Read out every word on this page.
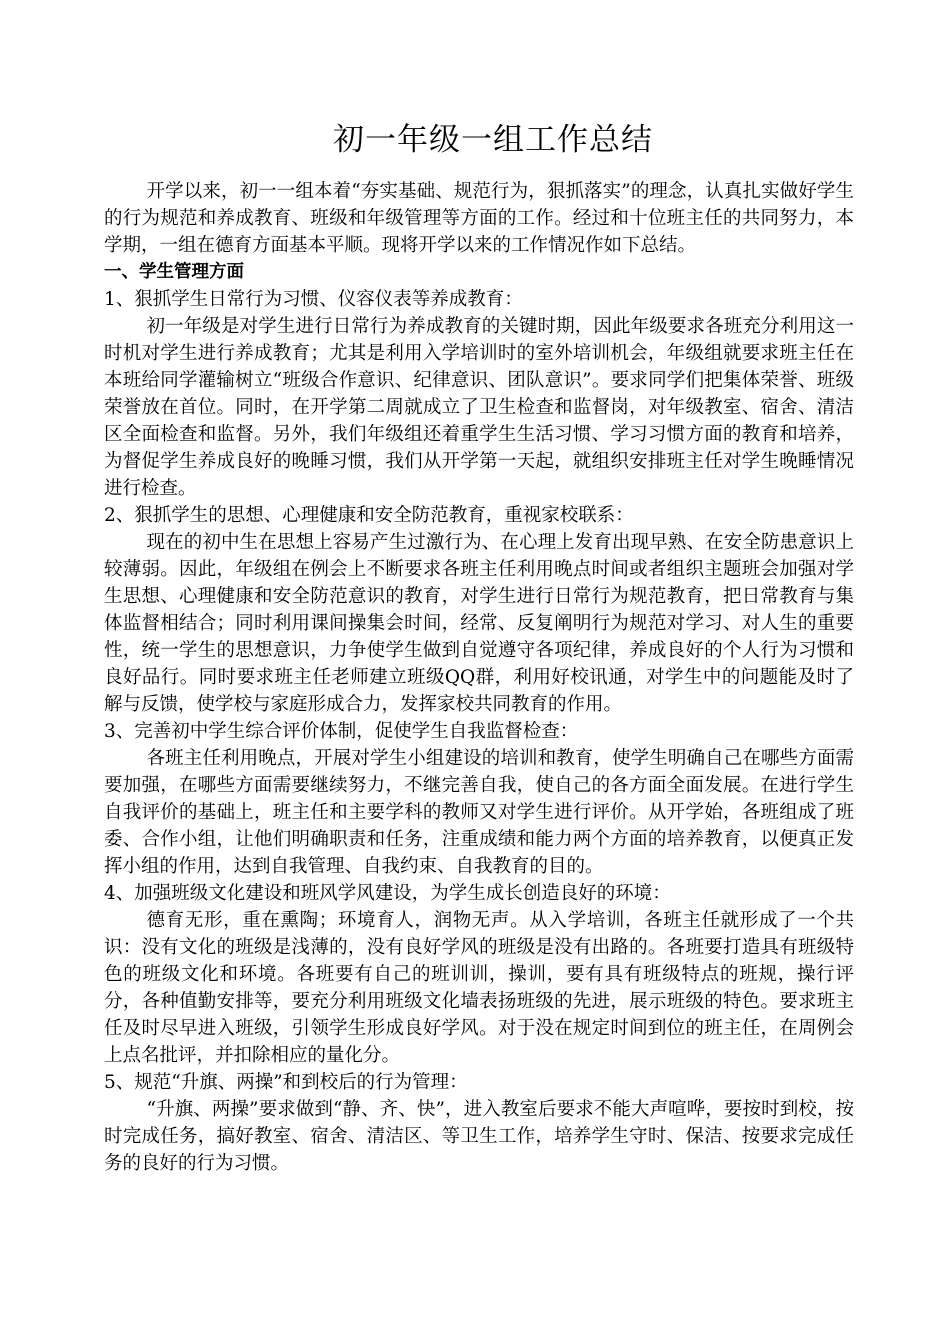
初一年级一组工作总结

开学以来，初一一组本着“夯实基础、规范行为，狠抓落实”的理念，认真扎实做好学生的行为规范和养成教育、班级和年级管理等方面的工作。经过和十位班主任的共同努力，本学期，一组在德育方面基本平顺。现将开学以来的工作情况作如下总结。

一、学生管理方面

1、狠抓学生日常行为习惯、仪容仪表等养成教育：

初一年级是对学生进行日常行为养成教育的关键时期，因此年级要求各班充分利用这一时机对学生进行养成教育；尤其是利用入学培训时的室外培训机会，年级组就要求班主任在本班给同学灌输树立“班级合作意识、纪律意识、团队意识”。要求同学们把集体荣誉、班级荣誉放在首位。同时，在开学第二周就成立了卫生检查和监督岗，对年级教室、宿舍、清洁区全面检查和监督。另外，我们年级组还着重学生生活习惯、学习习惯方面的教育和培养，为督促学生养成良好的晚睡习惯，我们从开学第一天起，就组织安排班主任对学生晚睡情况进行检查。

2、狠抓学生的思想、心理健康和安全防范教育，重视家校联系：

现在的初中生在思想上容易产生过激行为、在心理上发育出现早熟、在安全防患意识上较薄弱。因此，年级组在例会上不断要求各班主任利用晚点时间或者组织主题班会加强对学生思想、心理健康和安全防范意识的教育，对学生进行日常行为规范教育，把日常教育与集体监督相结合；同时利用课间操集会时间，经常、反复阐明行为规范对学习、对人生的重要性，统一学生的思想意识，力争使学生做到自觉遵守各项纪律，养成良好的个人行为习惯和良好品行。同时要求班主任老师建立班级QQ群，利用好校讯通，对学生中的问题能及时了解与反馈，使学校与家庭形成合力，发挥家校共同教育的作用。

3、完善初中学生综合评价体制，促使学生自我监督检查：

各班主任利用晚点，开展对学生小组建设的培训和教育，使学生明确自己在哪些方面需要加强，在哪些方面需要继续努力，不继完善自我，使自己的各方面全面发展。在进行学生自我评价的基础上，班主任和主要学科的教师又对学生进行评价。从开学始，各班组成了班委、合作小组，让他们明确职责和任务，注重成绩和能力两个方面的培养教育，以便真正发挥小组的作用，达到自我管理、自我约束、自我教育的目的。

4、加强班级文化建设和班风学风建设，为学生成长创造良好的环境：

德育无形，重在熏陶；环境育人，润物无声。从入学培训，各班主任就形成了一个共识：没有文化的班级是浅薄的，没有良好学风的班级是没有出路的。各班要打造具有班级特色的班级文化和环境。各班要有自己的班训训，操训，要有具有班级特点的班规，操行评分，各种值勤安排等，要充分利用班级文化墙表扬班级的先进，展示班级的特色。要求班主任及时尽早进入班级，引领学生形成良好学风。对于没在规定时间到位的班主任，在周例会上点名批评，并扣除相应的量化分。

5、规范“升旗、两操”和到校后的行为管理：

“升旗、两操”要求做到“静、齐、快”，进入教室后要求不能大声喧哗，要按时到校，按时完成任务，搞好教室、宿舍、清洁区、等卫生工作，培养学生守时、保洁、按要求完成任务的良好的行为习惯。
